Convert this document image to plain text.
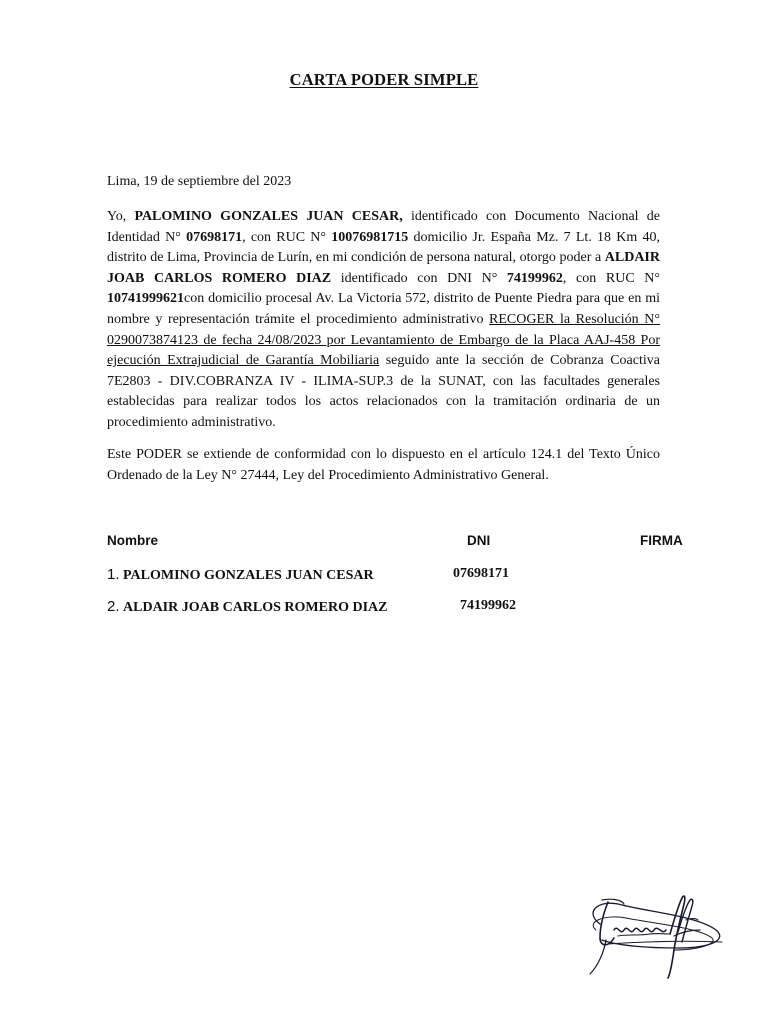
CARTA PODER SIMPLE
Lima, 19 de septiembre del 2023

Yo, PALOMINO GONZALES JUAN CESAR, identificado con Documento Nacional de Identidad N° 07698171, con RUC N° 10076981715 domicilio Jr. España Mz. 7 Lt. 18 Km 40, distrito de Lima, Provincia de Lurín, en mi condición de persona natural, otorgo poder a ALDAIR JOAB CARLOS ROMERO DIAZ identificado con DNI N° 74199962, con RUC N° 10741999621con domicilio procesal Av. La Victoria 572, distrito de Puente Piedra para que en mi nombre y representación trámite el procedimiento administrativo RECOGER la Resolución N° 0290073874123 de fecha 24/08/2023 por Levantamiento de Embargo de la Placa AAJ-458 Por ejecución Extrajudicial de Garantía Mobiliaria seguido ante la sección de Cobranza Coactiva 7E2803 - DIV.COBRANZA IV - ILIMA-SUP.3 de la SUNAT, con las facultades generales establecidas para realizar todos los actos relacionados con la tramitación ordinaria de un procedimiento administrativo.

Este PODER se extiende de conformidad con lo dispuesto en el artículo 124.1 del Texto Único Ordenado de la Ley N° 27444, Ley del Procedimiento Administrativo General.

Nombre	DNI	FIRMA
1. PALOMINO GONZALES JUAN CESAR	07698171
2. ALDAIR JOAB CARLOS ROMERO DIAZ	74199962
